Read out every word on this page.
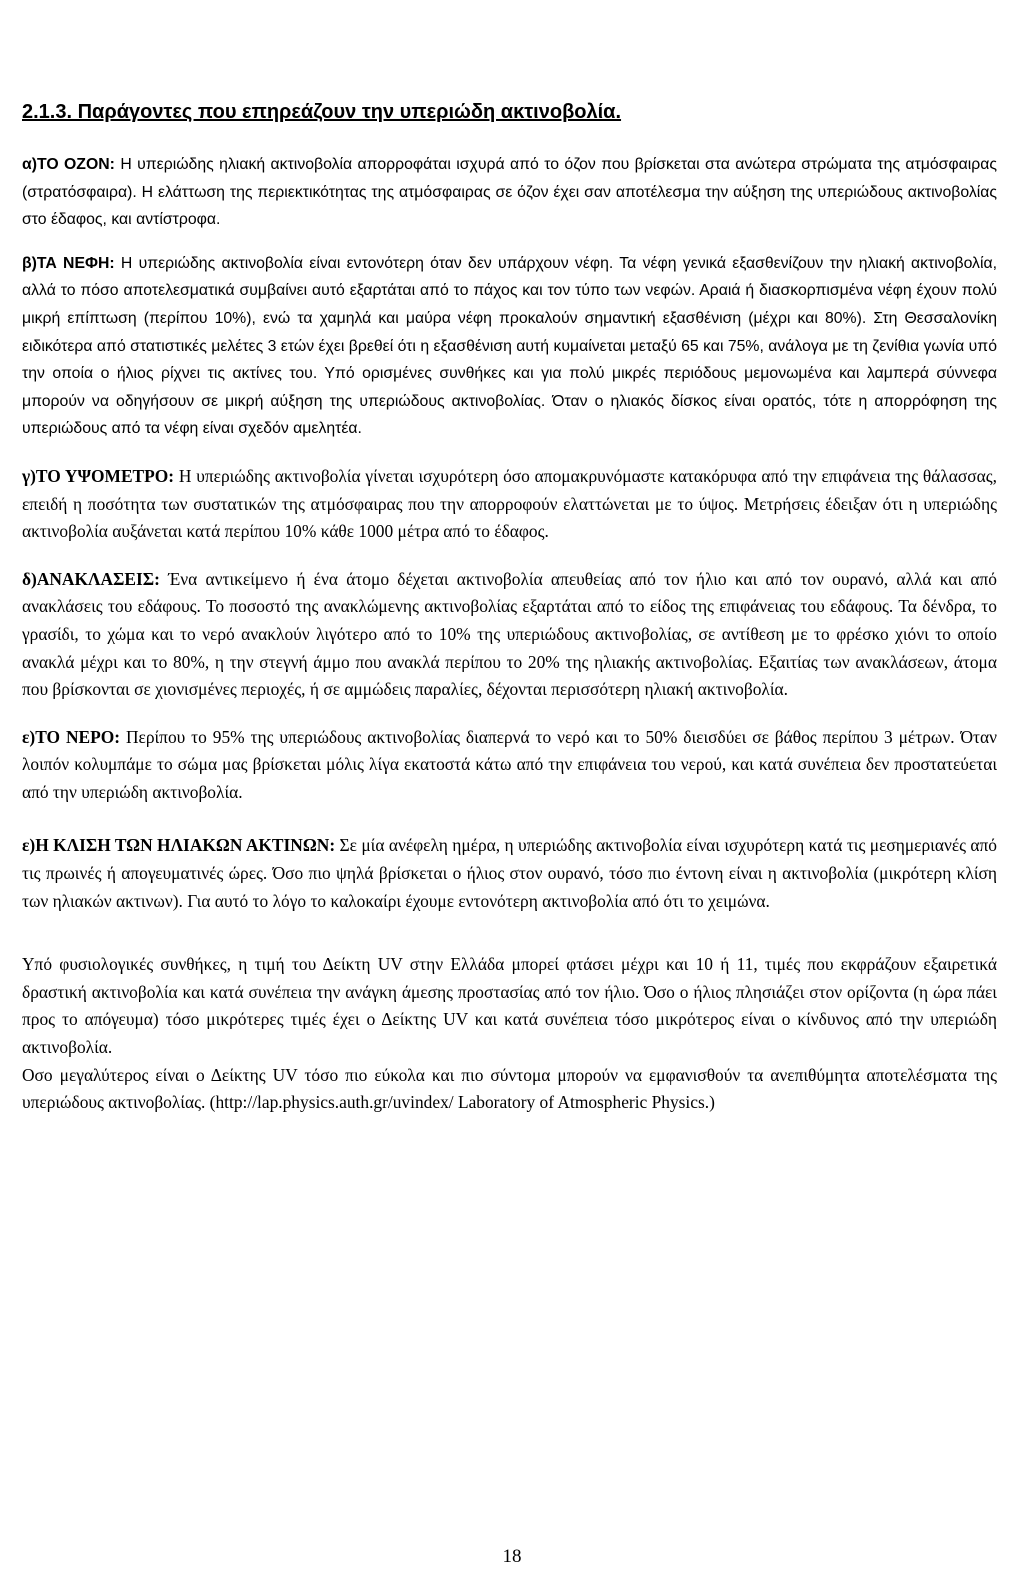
2.1.3. Παράγοντες που επηρεάζουν την υπεριώδη ακτινοβολία.

α)ΤΟ ΟΖΟΝ: Η υπεριώδης ηλιακή ακτινοβολία απορροφάται ισχυρά από το όζον που βρίσκεται στα ανώτερα στρώματα της ατμόσφαιρας (στρατόσφαιρα). Η ελάττωση της περιεκτικότητας της ατμόσφαιρας σε όζον έχει σαν αποτέλεσμα την αύξηση της υπεριώδους ακτινοβολίας στο έδαφος, και αντίστροφα.

β)ΤΑ ΝΕΦΗ: Η υπεριώδης ακτινοβολία είναι εντονότερη όταν δεν υπάρχουν νέφη. Τα νέφη γενικά εξασθενίζουν την ηλιακή ακτινοβολία, αλλά το πόσο αποτελεσματικά συμβαίνει αυτό εξαρτάται από το πάχος και τον τύπο των νεφών. Αραιά ή διασκορπισμένα νέφη έχουν πολύ μικρή επίπτωση (περίπου 10%), ενώ τα χαμηλά και μαύρα νέφη προκαλούν σημαντική εξασθένιση (μέχρι και 80%). Στη Θεσσαλονίκη ειδικότερα από στατιστικές μελέτες 3 ετών έχει βρεθεί ότι η εξασθένιση αυτή κυμαίνεται μεταξύ 65 και 75%, ανάλογα με τη ζενίθια γωνία υπό την οποία ο ήλιος ρίχνει τις ακτίνες του. Υπό ορισμένες συνθήκες και για πολύ μικρές περιόδους μεμονωμένα και λαμπερά σύννεφα μπορούν να οδηγήσουν σε μικρή αύξηση της υπεριώδους ακτινοβολίας. Όταν ο ηλιακός δίσκος είναι ορατός, τότε η απορρόφηση της υπεριώδους από τα νέφη είναι σχεδόν αμελητέα.

γ)ΤΟ ΥΨΟΜΕΤΡΟ: Η υπεριώδης ακτινοβολία γίνεται ισχυρότερη όσο απομακρυνόμαστε κατακόρυφα από την επιφάνεια της θάλασσας, επειδή η ποσότητα των συστατικών της ατμόσφαιρας που την απορροφούν ελαττώνεται με το ύψος. Μετρήσεις έδειξαν ότι η υπεριώδης ακτινοβολία αυξάνεται κατά περίπου 10% κάθε 1000 μέτρα από το έδαφος.

δ)ΑΝΑΚΛΑΣΕΙΣ: Ένα αντικείμενο ή ένα άτομο δέχεται ακτινοβολία απευθείας από τον ήλιο και από τον ουρανό, αλλά και από ανακλάσεις του εδάφους. Το ποσοστό της ανακλώμενης ακτινοβολίας εξαρτάται από το είδος της επιφάνειας του εδάφους. Τα δένδρα, το γρασίδι, το χώμα και το νερό ανακλούν λιγότερο από το 10% της υπεριώδους ακτινοβολίας, σε αντίθεση με το φρέσκο χιόνι το οποίο ανακλά μέχρι και το 80%, η την στεγνή άμμο που ανακλά περίπου το 20% της ηλιακής ακτινοβολίας. Εξαιτίας των ανακλάσεων, άτομα που βρίσκονται σε χιονισμένες περιοχές, ή σε αμμώδεις παραλίες, δέχονται περισσότερη ηλιακή ακτινοβολία.

ε)ΤΟ ΝΕΡΟ: Περίπου το 95% της υπεριώδους ακτινοβολίας διαπερνά το νερό και το 50% διεισδύει σε βάθος περίπου 3 μέτρων. Όταν λοιπόν κολυμπάμε το σώμα μας βρίσκεται μόλις λίγα εκατοστά κάτω από την επιφάνεια του νερού, και κατά συνέπεια δεν προστατεύεται από την υπεριώδη ακτινοβολία.

ε)Η ΚΛΙΣΗ ΤΩΝ ΗΛΙΑΚΩΝ ΑΚΤΙΝΩΝ: Σε μία ανέφελη ημέρα, η υπεριώδης ακτινοβολία είναι ισχυρότερη κατά τις μεσημεριανές από τις πρωινές ή απογευματινές ώρες. Όσο πιο ψηλά βρίσκεται ο ήλιος στον ουρανό, τόσο πιο έντονη είναι η ακτινοβολία (μικρότερη κλίση των ηλιακών ακτινων). Για αυτό το λόγο το καλοκαίρι έχουμε εντονότερη ακτινοβολία από ότι το χειμώνα.

Υπό φυσιολογικές συνθήκες, η τιμή του Δείκτη UV στην Ελλάδα μπορεί φτάσει μέχρι και 10 ή 11, τιμές που εκφράζουν εξαιρετικά δραστική ακτινοβολία και κατά συνέπεια την ανάγκη άμεσης προστασίας από τον ήλιο. Όσο ο ήλιος πλησιάζει στον ορίζοντα (η ώρα πάει προς το απόγευμα) τόσο μικρότερες τιμές έχει ο Δείκτης UV και κατά συνέπεια τόσο μικρότερος είναι ο κίνδυνος από την υπεριώδη ακτινοβολία.

Οσο μεγαλύτερος είναι ο Δείκτης UV τόσο πιο εύκολα και πιο σύντομα μπορούν να εμφανισθούν τα ανεπιθύμητα αποτελέσματα της υπεριώδους ακτινοβολίας. (http://lap.physics.auth.gr/uvindex/ Laboratory of Atmospheric Physics.)

18
